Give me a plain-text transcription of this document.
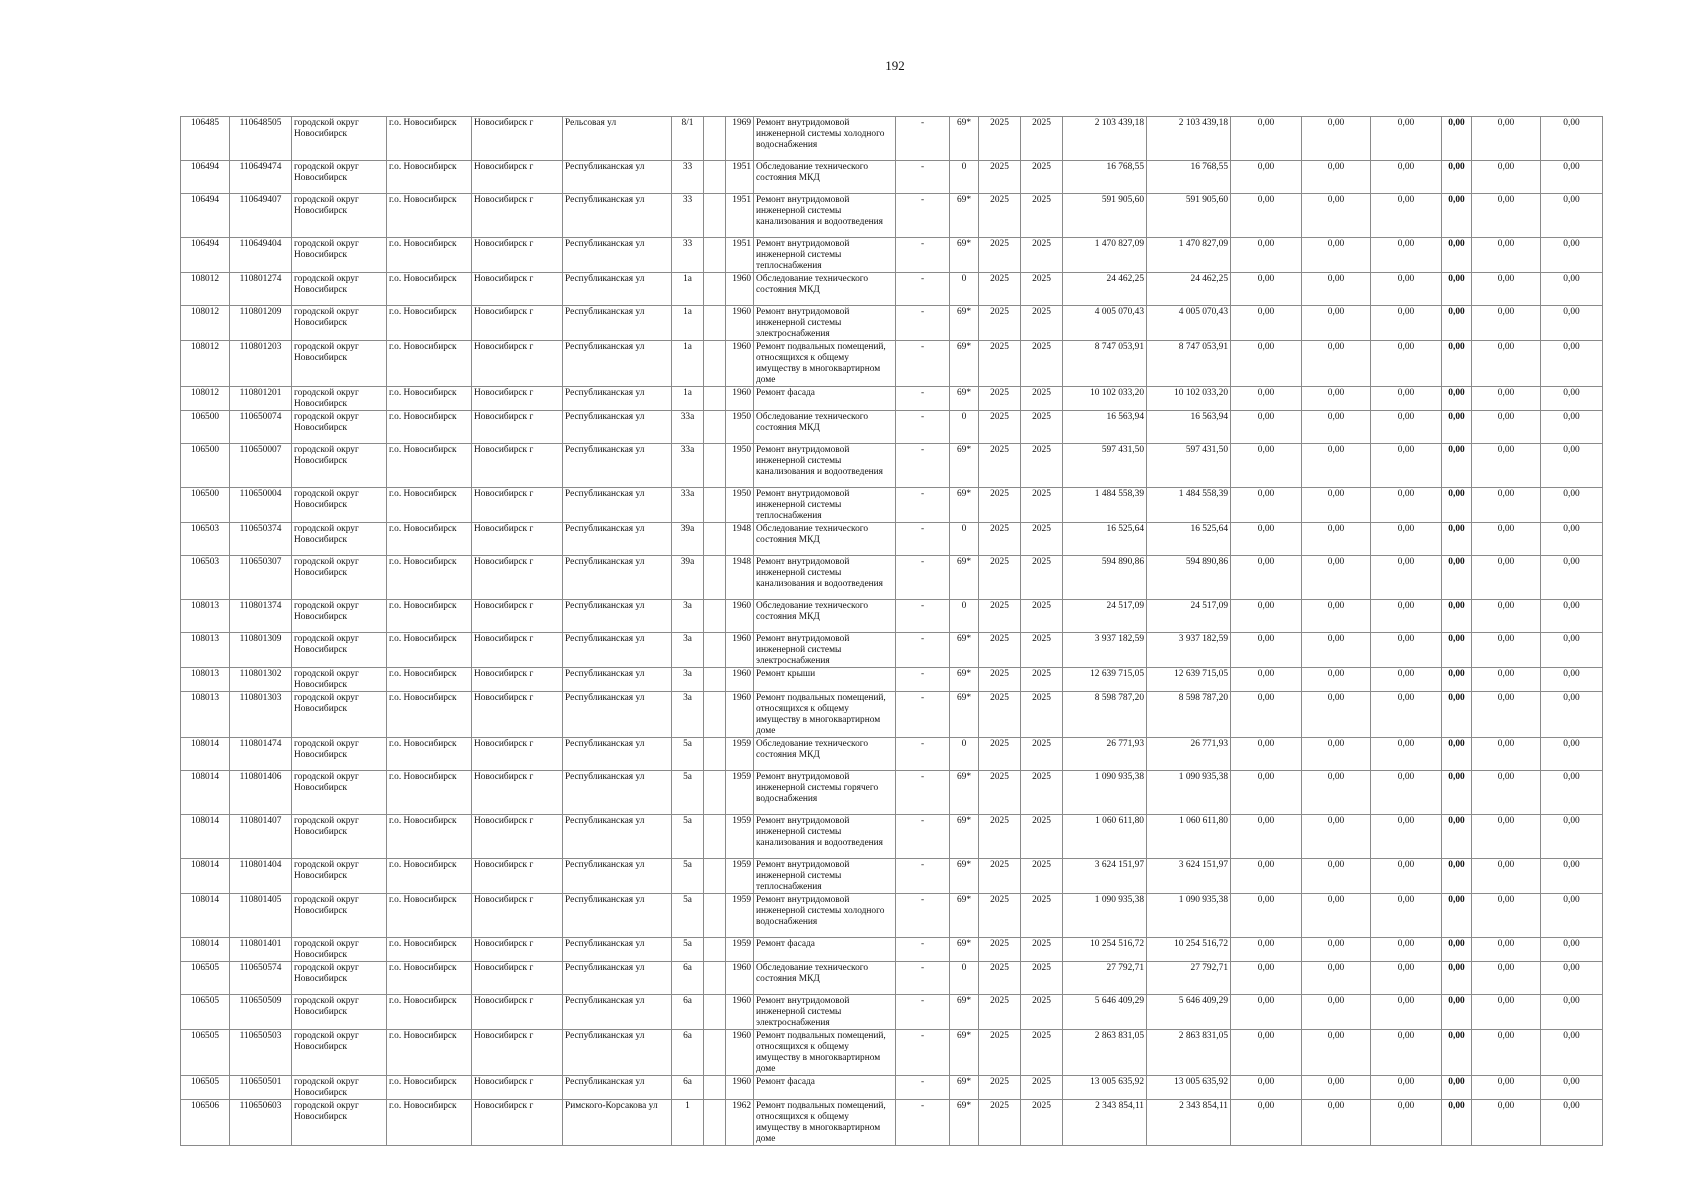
192
106485	110648505	городской округ Новосибирск	г.о. Новосибирск	Новосибирск г	Рельсовая ул	8/1		1969	Ремонт внутридомовой инженерной системы холодного водоснабжения	-	69*	2025	2025	2 103 439,18	2 103 439,18	0,00	0,00	0,00	0,00	0,00	0,00
106494	110649474	городской округ Новосибирск	г.о. Новосибирск	Новосибирск г	Республиканская ул	33		1951	Обследование технического состояния МКД	-	0	2025	2025	16 768,55	16 768,55	0,00	0,00	0,00	0,00	0,00	0,00
106494	110649407	городской округ Новосибирск	г.о. Новосибирск	Новосибирск г	Республиканская ул	33		1951	Ремонт внутридомовой инженерной системы канализования и водоотведения	-	69*	2025	2025	591 905,60	591 905,60	0,00	0,00	0,00	0,00	0,00	0,00
106494	110649404	городской округ Новосибирск	г.о. Новосибирск	Новосибирск г	Республиканская ул	33		1951	Ремонт внутридомовой инженерной системы теплоснабжения	-	69*	2025	2025	1 470 827,09	1 470 827,09	0,00	0,00	0,00	0,00	0,00	0,00
108012	110801274	городской округ Новосибирск	г.о. Новосибирск	Новосибирск г	Республиканская ул	1а		1960	Обследование технического состояния МКД	-	0	2025	2025	24 462,25	24 462,25	0,00	0,00	0,00	0,00	0,00	0,00
108012	110801209	городской округ Новосибирск	г.о. Новосибирск	Новосибирск г	Республиканская ул	1а		1960	Ремонт внутридомовой инженерной системы электроснабжения	-	69*	2025	2025	4 005 070,43	4 005 070,43	0,00	0,00	0,00	0,00	0,00	0,00
108012	110801203	городской округ Новосибирск	г.о. Новосибирск	Новосибирск г	Республиканская ул	1а		1960	Ремонт подвальных помещений, относящихся к общему имуществу в многоквартирном доме	-	69*	2025	2025	8 747 053,91	8 747 053,91	0,00	0,00	0,00	0,00	0,00	0,00
108012	110801201	городской округ Новосибирск	г.о. Новосибирск	Новосибирск г	Республиканская ул	1а		1960	Ремонт фасада	-	69*	2025	2025	10 102 033,20	10 102 033,20	0,00	0,00	0,00	0,00	0,00	0,00
106500	110650074	городской округ Новосибирск	г.о. Новосибирск	Новосибирск г	Республиканская ул	33а		1950	Обследование технического состояния МКД	-	0	2025	2025	16 563,94	16 563,94	0,00	0,00	0,00	0,00	0,00	0,00
106500	110650007	городской округ Новосибирск	г.о. Новосибирск	Новосибирск г	Республиканская ул	33а		1950	Ремонт внутридомовой инженерной системы канализования и водоотведения	-	69*	2025	2025	597 431,50	597 431,50	0,00	0,00	0,00	0,00	0,00	0,00
106500	110650004	городской округ Новосибирск	г.о. Новосибирск	Новосибирск г	Республиканская ул	33а		1950	Ремонт внутридомовой инженерной системы теплоснабжения	-	69*	2025	2025	1 484 558,39	1 484 558,39	0,00	0,00	0,00	0,00	0,00	0,00
106503	110650374	городской округ Новосибирск	г.о. Новосибирск	Новосибирск г	Республиканская ул	39а		1948	Обследование технического состояния МКД	-	0	2025	2025	16 525,64	16 525,64	0,00	0,00	0,00	0,00	0,00	0,00
106503	110650307	городской округ Новосибирск	г.о. Новосибирск	Новосибирск г	Республиканская ул	39а		1948	Ремонт внутридомовой инженерной системы канализования и водоотведения	-	69*	2025	2025	594 890,86	594 890,86	0,00	0,00	0,00	0,00	0,00	0,00
108013	110801374	городской округ Новосибирск	г.о. Новосибирск	Новосибирск г	Республиканская ул	3а		1960	Обследование технического состояния МКД	-	0	2025	2025	24 517,09	24 517,09	0,00	0,00	0,00	0,00	0,00	0,00
108013	110801309	городской округ Новосибирск	г.о. Новосибирск	Новосибирск г	Республиканская ул	3а		1960	Ремонт внутридомовой инженерной системы электроснабжения	-	69*	2025	2025	3 937 182,59	3 937 182,59	0,00	0,00	0,00	0,00	0,00	0,00
108013	110801302	городской округ Новосибирск	г.о. Новосибирск	Новосибирск г	Республиканская ул	3а		1960	Ремонт крыши	-	69*	2025	2025	12 639 715,05	12 639 715,05	0,00	0,00	0,00	0,00	0,00	0,00
108013	110801303	городской округ Новосибирск	г.о. Новосибирск	Новосибирск г	Республиканская ул	3а		1960	Ремонт подвальных помещений, относящихся к общему имуществу в многоквартирном доме	-	69*	2025	2025	8 598 787,20	8 598 787,20	0,00	0,00	0,00	0,00	0,00	0,00
108014	110801474	городской округ Новосибирск	г.о. Новосибирск	Новосибирск г	Республиканская ул	5а		1959	Обследование технического состояния МКД	-	0	2025	2025	26 771,93	26 771,93	0,00	0,00	0,00	0,00	0,00	0,00
108014	110801406	городской округ Новосибирск	г.о. Новосибирск	Новосибирск г	Республиканская ул	5а		1959	Ремонт внутридомовой инженерной системы горячего водоснабжения	-	69*	2025	2025	1 090 935,38	1 090 935,38	0,00	0,00	0,00	0,00	0,00	0,00
108014	110801407	городской округ Новосибирск	г.о. Новосибирск	Новосибирск г	Республиканская ул	5а		1959	Ремонт внутридомовой инженерной системы канализования и водоотведения	-	69*	2025	2025	1 060 611,80	1 060 611,80	0,00	0,00	0,00	0,00	0,00	0,00
108014	110801404	городской округ Новосибирск	г.о. Новосибирск	Новосибирск г	Республиканская ул	5а		1959	Ремонт внутридомовой инженерной системы теплоснабжения	-	69*	2025	2025	3 624 151,97	3 624 151,97	0,00	0,00	0,00	0,00	0,00	0,00
108014	110801405	городской округ Новосибирск	г.о. Новосибирск	Новосибирск г	Республиканская ул	5а		1959	Ремонт внутридомовой инженерной системы холодного водоснабжения	-	69*	2025	2025	1 090 935,38	1 090 935,38	0,00	0,00	0,00	0,00	0,00	0,00
108014	110801401	городской округ Новосибирск	г.о. Новосибирск	Новосибирск г	Республиканская ул	5а		1959	Ремонт фасада	-	69*	2025	2025	10 254 516,72	10 254 516,72	0,00	0,00	0,00	0,00	0,00	0,00
106505	110650574	городской округ Новосибирск	г.о. Новосибирск	Новосибирск г	Республиканская ул	6а		1960	Обследование технического состояния МКД	-	0	2025	2025	27 792,71	27 792,71	0,00	0,00	0,00	0,00	0,00	0,00
106505	110650509	городской округ Новосибирск	г.о. Новосибирск	Новосибирск г	Республиканская ул	6а		1960	Ремонт внутридомовой инженерной системы электроснабжения	-	69*	2025	2025	5 646 409,29	5 646 409,29	0,00	0,00	0,00	0,00	0,00	0,00
106505	110650503	городской округ Новосибирск	г.о. Новосибирск	Новосибирск г	Республиканская ул	6а		1960	Ремонт подвальных помещений, относящихся к общему имуществу в многоквартирном доме	-	69*	2025	2025	2 863 831,05	2 863 831,05	0,00	0,00	0,00	0,00	0,00	0,00
106505	110650501	городской округ Новосибирск	г.о. Новосибирск	Новосибирск г	Республиканская ул	6а		1960	Ремонт фасада	-	69*	2025	2025	13 005 635,92	13 005 635,92	0,00	0,00	0,00	0,00	0,00	0,00
106506	110650603	городской округ Новосибирск	г.о. Новосибирск	Новосибирск г	Римского-Корсакова ул	1		1962	Ремонт подвальных помещений, относящихся к общему имуществу в многоквартирном доме	-	69*	2025	2025	2 343 854,11	2 343 854,11	0,00	0,00	0,00	0,00	0,00	0,00
